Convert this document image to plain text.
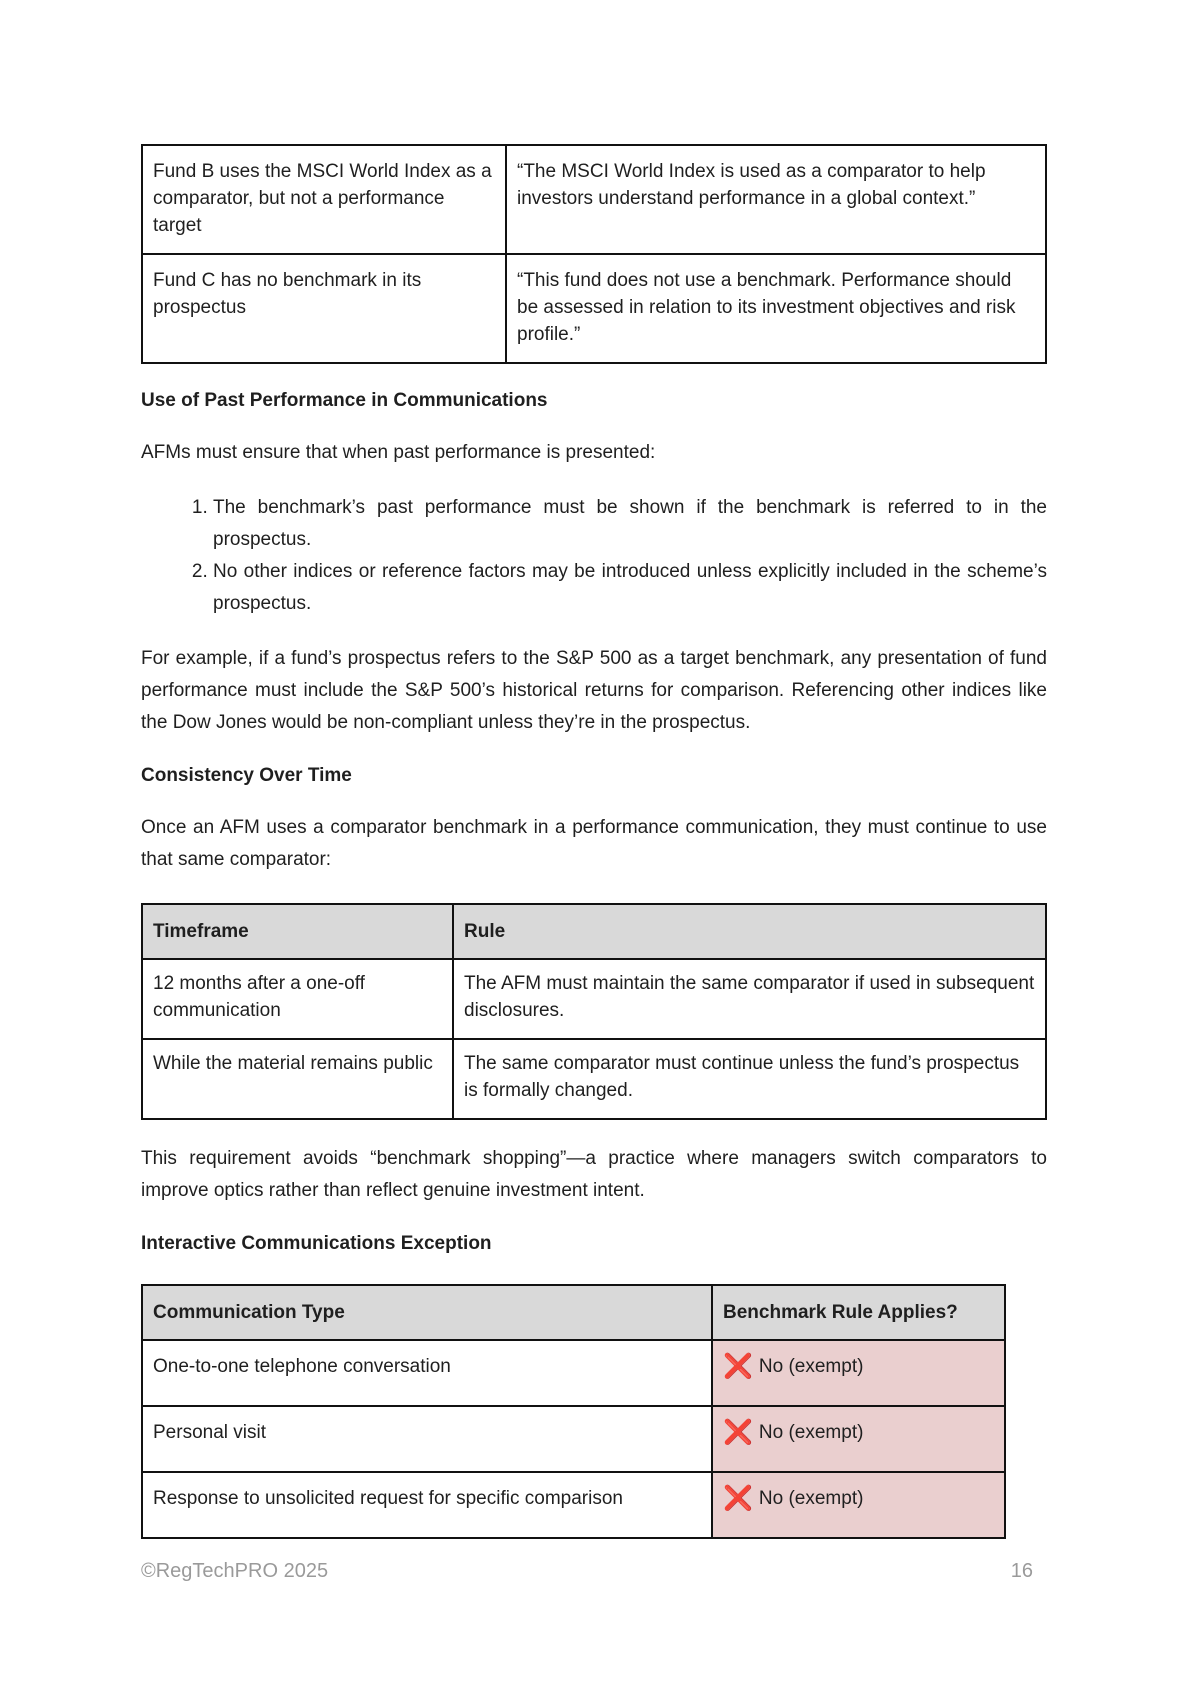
Fund B uses the MSCI World Index as a comparator, but not a performance target	“The MSCI World Index is used as a comparator to help investors understand performance in a global context.”
Fund C has no benchmark in its prospectus	“This fund does not use a benchmark. Performance should be assessed in relation to its investment objectives and risk profile.”
Use of Past Performance in Communications

AFMs must ensure that when past performance is presented:

1. The benchmark’s past performance must be shown if the benchmark is referred to in the prospectus.
2. No other indices or reference factors may be introduced unless explicitly included in the scheme’s prospectus.

For example, if a fund’s prospectus refers to the S&P 500 as a target benchmark, any presentation of fund performance must include the S&P 500’s historical returns for comparison. Referencing other indices like the Dow Jones would be non-compliant unless they’re in the prospectus.

Consistency Over Time

Once an AFM uses a comparator benchmark in a performance communication, they must continue to use that same comparator:

Timeframe	Rule
12 months after a one-off communication	The AFM must maintain the same comparator if used in subsequent disclosures.
While the material remains public	The same comparator must continue unless the fund’s prospectus is formally changed.

This requirement avoids “benchmark shopping”—a practice where managers switch comparators to improve optics rather than reflect genuine investment intent.

Interactive Communications Exception
Communication Type	Benchmark Rule Applies?
One-to-one telephone conversation	❌ No (exempt)
Personal visit	❌ No (exempt)
Response to unsolicited request for specific comparison	❌ No (exempt)
©RegTechPRO 2025	16
